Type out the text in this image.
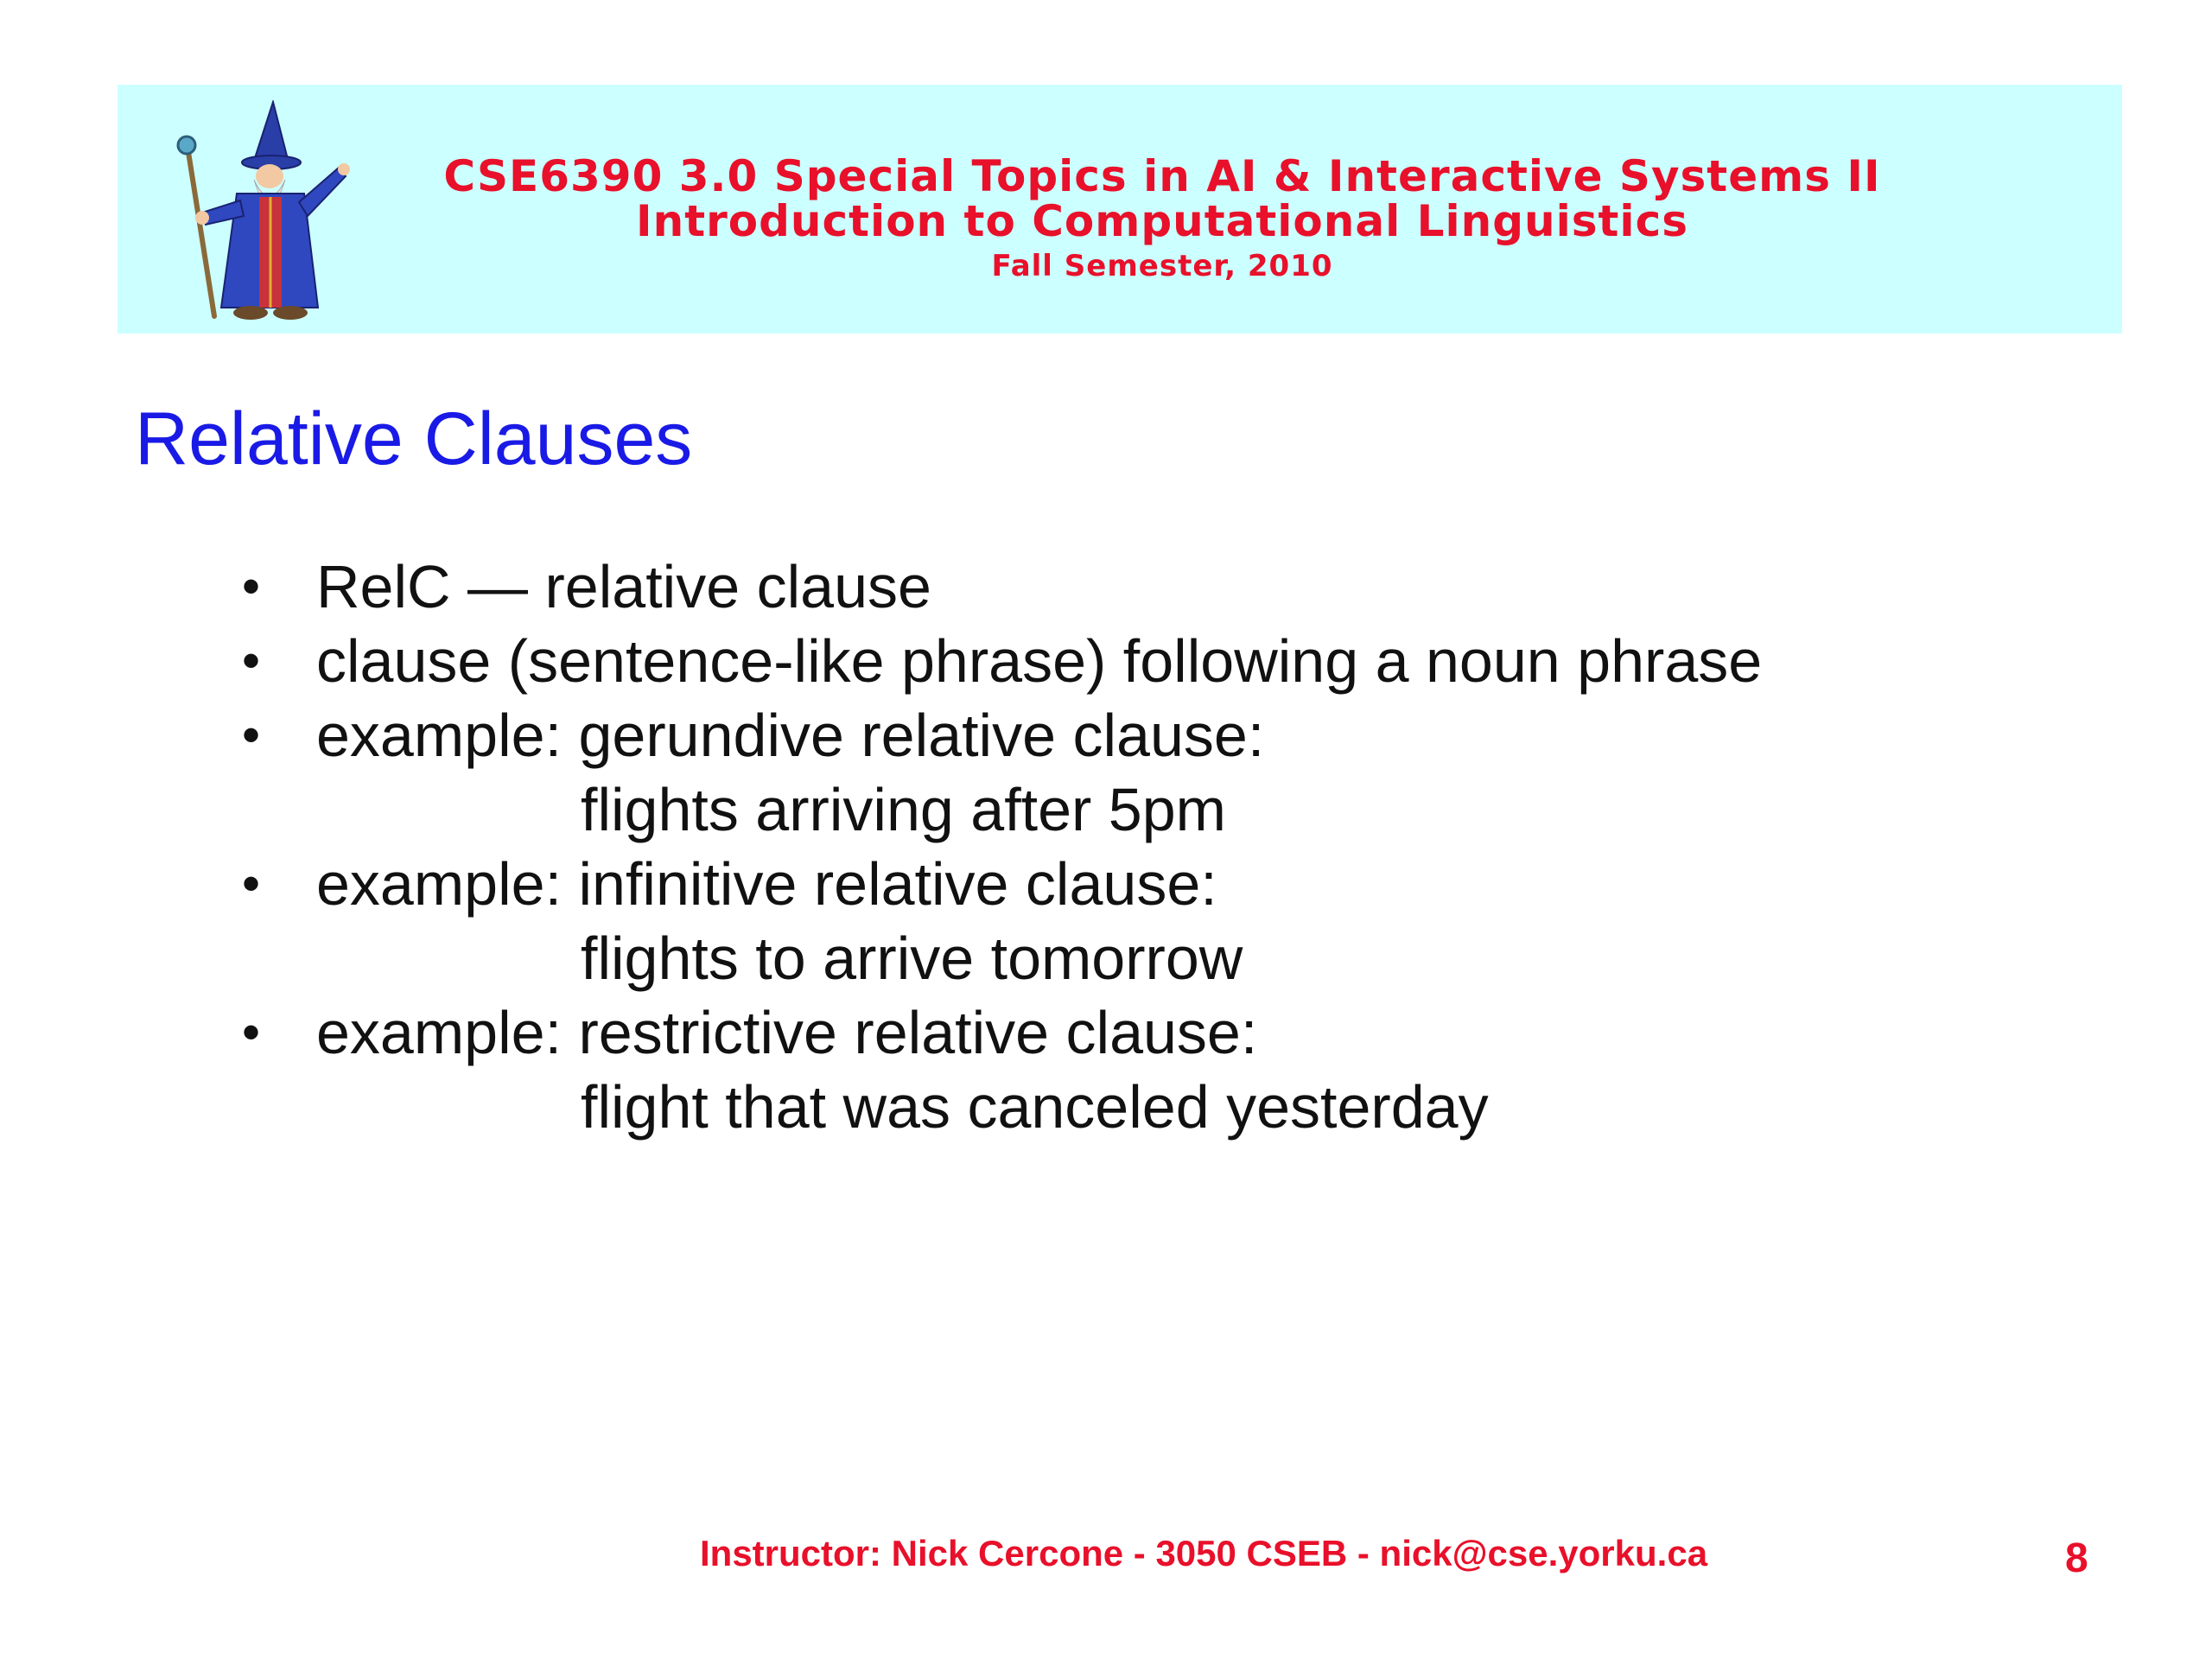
CSE6390 3.0 Special Topics in AI & Interactive Systems II
Introduction to Computational Linguistics
Fall Semester, 2010
Relative Clauses
• RelC — relative clause
• clause (sentence-like phrase) following a noun phrase
• example: gerundive relative clause:
flights arriving after 5pm
• example: infinitive relative clause:
flights to arrive tomorrow
• example: restrictive relative clause:
flight that was canceled yesterday
Instructor: Nick Cercone - 3050 CSEB - nick@cse.yorku.ca	8
